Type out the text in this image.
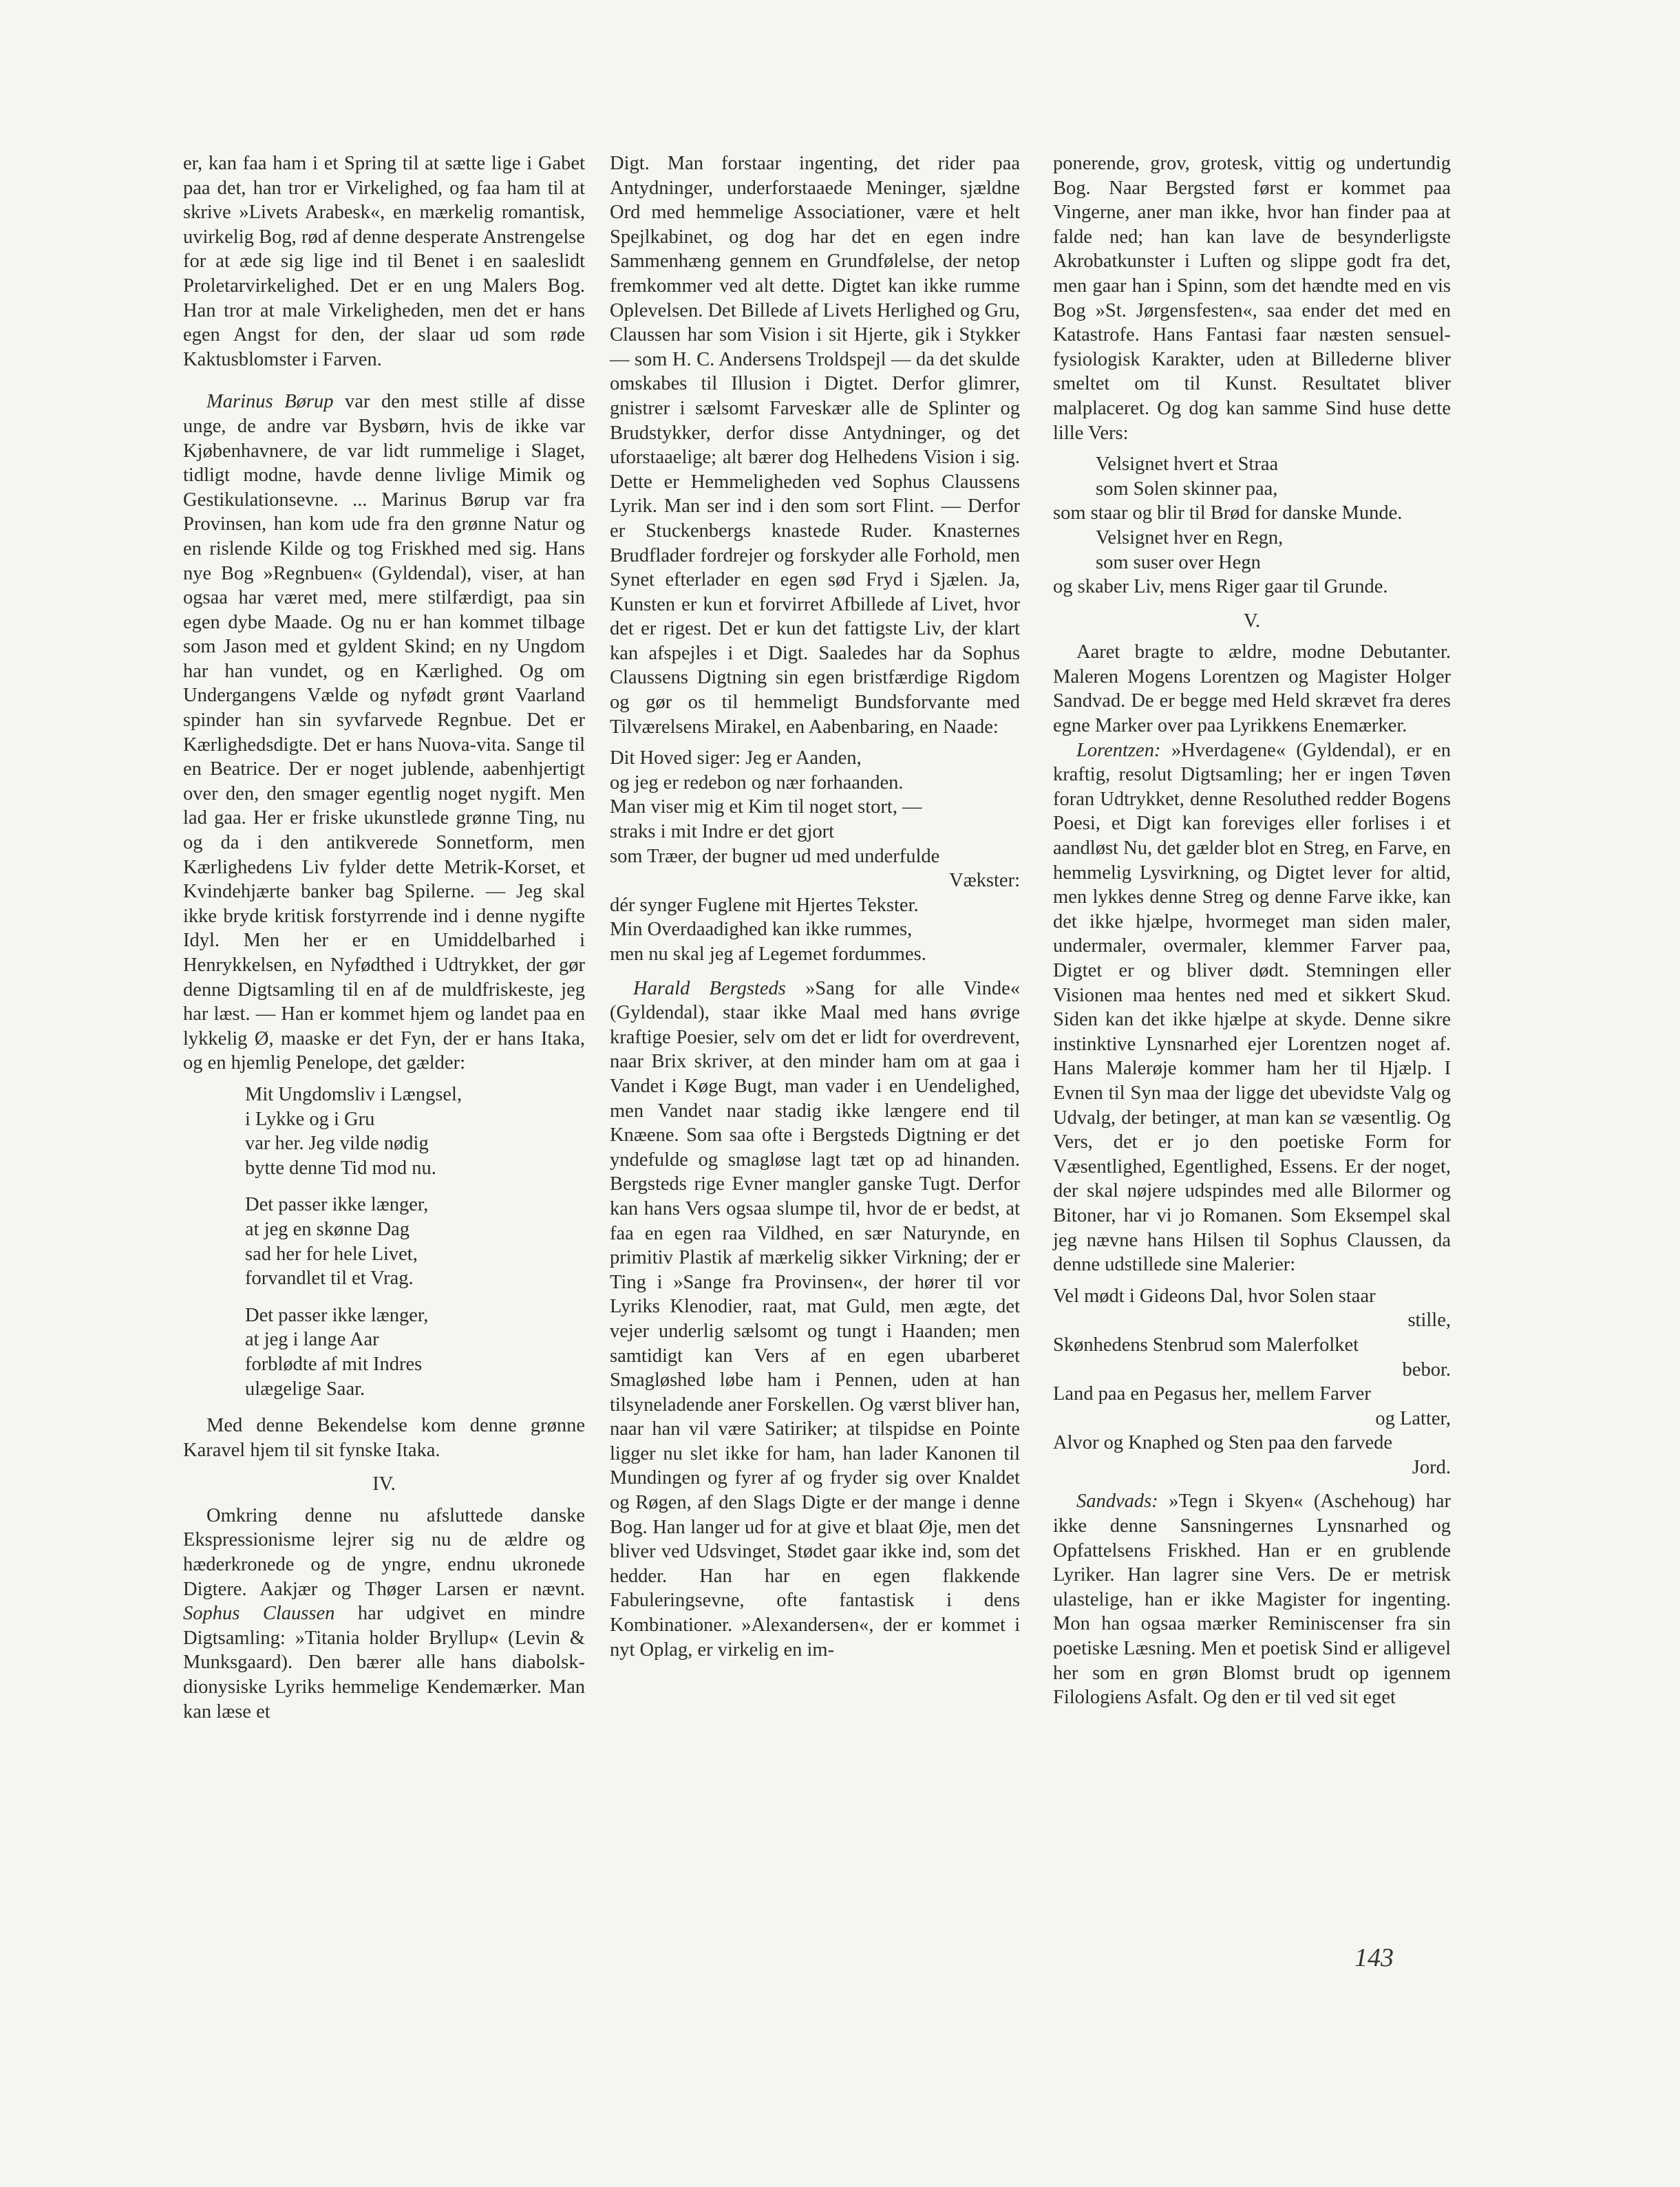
er, kan faa ham i et Spring til at sætte lige i Gabet paa det, han tror er Virkelighed, og faa ham til at skrive »Livets Arabesk«, en mærkelig romantisk, uvirkelig Bog, rød af denne desperate Anstrengelse for at æde sig lige ind til Benet i en saaleslidt Proletarvirkelighed. Det er en ung Malers Bog. Han tror at male Virkeligheden, men det er hans egen Angst for den, der slaar ud som røde Kaktusblomster i Farven.

Marinus Børup var den mest stille af disse unge, de andre var Bysbørn, hvis de ikke var Kjøbenhavnere, de var lidt rummelige i Slaget, tidligt modne, havde denne livlige Mimik og Gestikulationsevne. ... Marinus Børup var fra Provinsen, han kom ude fra den grønne Natur og en rislende Kilde og tog Friskhed med sig. Hans nye Bog »Regnbuen« (Gyldendal), viser, at han ogsaa har været med, mere stilfærdigt, paa sin egen dybe Maade. Og nu er han kommet tilbage som Jason med et gyldent Skind; en ny Ungdom har han vundet, og en Kærlighed. Og om Undergangens Vælde og nyfødt grønt Vaarland spinder han sin syvfarvede Regnbue. Det er Kærlighedsdigte. Det er hans Nuova-vita. Sange til en Beatrice. Der er noget jublende, aabenhjertigt over den, den smager egentlig noget nygift. Men lad gaa. Her er friske ukunstlede grønne Ting, nu og da i den antikverede Sonnetform, men Kærlighedens Liv fylder dette Metrik-Korset, et Kvindehjærte banker bag Spilerne. — Jeg skal ikke bryde kritisk forstyrrende ind i denne nygifte Idyl. Men her er en Umiddelbarhed i Henrykkelsen, en Nyfødthed i Udtrykket, der gør denne Digtsamling til en af de muldfriskeste, jeg har læst. — Han er kommet hjem og landet paa en lykkelig Ø, maaske er det Fyn, der er hans Itaka, og en hjemlig Penelope, det gælder:

Mit Ungdomsliv i Længsel,
i Lykke og i Gru
var her. Jeg vilde nødig
bytte denne Tid mod nu.
Det passer ikke længer,
at jeg en skønne Dag
sad her for hele Livet,
forvandlet til et Vrag.
Det passer ikke længer,
at jeg i lange Aar
forblødte af mit Indres
ulægelige Saar.

Med denne Bekendelse kom denne grønne Karavel hjem til sit fynske Itaka.

IV.

Omkring denne nu afsluttede danske Ekspressionisme lejrer sig nu de ældre og hæderkronede og de yngre, endnu ukronede Digtere. Aakjær og Thøger Larsen er nævnt. Sophus Claussen har udgivet en mindre Digtsamling: »Titania holder Bryllup« (Levin & Munksgaard). Den bærer alle hans diabolsk-dionysiske Lyriks hemmelige Kendemærker. Man kan læse et

Digt. Man forstaar ingenting, det rider paa Antydninger, underforstaaede Meninger, sjældne Ord med hemmelige Associationer, være et helt Spejlkabinet, og dog har det en egen indre Sammenhæng gennem en Grundfølelse, der netop fremkommer ved alt dette. Digtet kan ikke rumme Oplevelsen. Det Billede af Livets Herlighed og Gru, Claussen har som Vision i sit Hjerte, gik i Stykker — som H. C. Andersens Troldspejl — da det skulde omskabes til Illusion i Digtet. Derfor glimrer, gnistrer i sælsomt Farveskær alle de Splinter og Brudstykker, derfor disse Antydninger, og det uforstaaelige; alt bærer dog Helhedens Vision i sig. Dette er Hemmeligheden ved Sophus Claussens Lyrik. Man ser ind i den som sort Flint. — Derfor er Stuckenbergs knastede Ruder. Knasternes Brudflader fordrejer og forskyder alle Forhold, men Synet efterlader en egen sød Fryd i Sjælen. Ja, Kunsten er kun et forvirret Afbillede af Livet, hvor det er rigest. Det er kun det fattigste Liv, der klart kan afspejles i et Digt. Saaledes har da Sophus Claussens Digtning sin egen bristfærdige Rigdom og gør os til hemmeligt Bundsforvante med Tilværelsens Mirakel, en Aabenbaring, en Naade:

Dit Hoved siger: Jeg er Aanden,
og jeg er redebon og nær forhaanden.
Man viser mig et Kim til noget stort, —
straks i mit Indre er det gjort
som Træer, der bugner ud med underfulde
Vækster:
dér synger Fuglene mit Hjertes Tekster.
Min Overdaadighed kan ikke rummes,
men nu skal jeg af Legemet fordummes.

Harald Bergsteds »Sang for alle Vinde« (Gyldendal), staar ikke Maal med hans øvrige kraftige Poesier, selv om det er lidt for overdrevent, naar Brix skriver, at den minder ham om at gaa i Vandet i Køge Bugt, man vader i en Uendelighed, men Vandet naar stadig ikke længere end til Knæene. Som saa ofte i Bergsteds Digtning er det yndefulde og smagløse lagt tæt op ad hinanden. Bergsteds rige Evner mangler ganske Tugt. Derfor kan hans Vers ogsaa slumpe til, hvor de er bedst, at faa en egen raa Vildhed, en sær Naturynde, en primitiv Plastik af mærkelig sikker Virkning; der er Ting i »Sange fra Provinsen«, der hører til vor Lyriks Klenodier, raat, mat Guld, men ægte, det vejer underlig sælsomt og tungt i Haanden; men samtidigt kan Vers af en egen ubarberet Smagløshed løbe ham i Pennen, uden at han tilsyneladende aner Forskellen. Og værst bliver han, naar han vil være Satiriker; at tilspidse en Pointe ligger nu slet ikke for ham, han lader Kanonen til Mundingen og fyrer af og fryder sig over Knaldet og Røgen, af den Slags Digte er der mange i denne Bog. Han langer ud for at give et blaat Øje, men det bliver ved Udsvinget, Stødet gaar ikke ind, som det hedder. Han har en egen flakkende Fabuleringsevne, ofte fantastisk i dens Kombinationer. »Alexandersen«, der er kommet i nyt Oplag, er virkelig en im-

ponerende, grov, grotesk, vittig og undertundig Bog. Naar Bergsted først er kommet paa Vingerne, aner man ikke, hvor han finder paa at falde ned; han kan lave de besynderligste Akrobatkunster i Luften og slippe godt fra det, men gaar han i Spinn, som det hændte med en vis Bog »St. Jørgensfesten«, saa ender det med en Katastrofe. Hans Fantasi faar næsten sensuel-fysiologisk Karakter, uden at Billederne bliver smeltet om til Kunst. Resultatet bliver malplaceret. Og dog kan samme Sind huse dette lille Vers:

Velsignet hvert et Straa
som Solen skinner paa,
som staar og blir til Brød for danske Munde.
Velsignet hver en Regn,
som suser over Hegn
og skaber Liv, mens Riger gaar til Grunde.
V.

Aaret bragte to ældre, modne Debutanter. Maleren Mogens Lorentzen og Magister Holger Sandvad. De er begge med Held skrævet fra deres egne Marker over paa Lyrikkens Enemærker.

Lorentzen: »Hverdagene« (Gyldendal), er en kraftig, resolut Digtsamling; her er ingen Tøven foran Udtrykket, denne Resoluthed redder Bogens Poesi, et Digt kan foreviges eller forlises i et aandløst Nu, det gælder blot en Streg, en Farve, en hemmelig Lysvirkning, og Digtet lever for altid, men lykkes denne Streg og denne Farve ikke, kan det ikke hjælpe, hvormeget man siden maler, undermaler, overmaler, klemmer Farver paa, Digtet er og bliver dødt. Stemningen eller Visionen maa hentes ned med et sikkert Skud. Siden kan det ikke hjælpe at skyde. Denne sikre instinktive Lynsnarhed ejer Lorentzen noget af. Hans Malerøje kommer ham her til Hjælp. I Evnen til Syn maa der ligge det ubevidste Valg og Udvalg, der betinger, at man kan se væsentlig. Og Vers, det er jo den poetiske Form for Væsentlighed, Egentlighed, Essens. Er der noget, der skal nøjere udspindes med alle Bilormer og Bitoner, har vi jo Romanen. Som Eksempel skal jeg nævne hans Hilsen til Sophus Claussen, da denne udstillede sine Malerier:

Vel mødt i Gideons Dal, hvor Solen staar
stille,
Skønhedens Stenbrud som Malerfolket
bebor.
Land paa en Pegasus her, mellem Farver
og Latter,
Alvor og Knaphed og Sten paa den farvede
Jord.

Sandvads: »Tegn i Skyen« (Aschehoug) har ikke denne Sansningernes Lynsnarhed og Opfattelsens Friskhed. Han er en grublende Lyriker. Han lagrer sine Vers. De er metrisk ulastelige, han er ikke Magister for ingenting. Mon han ogsaa mærker Reminiscenser fra sin poetiske Læsning. Men et poetisk Sind er alligevel her som en grøn Blomst brudt op igennem Filologiens Asfalt. Og den er til ved sit eget

143
